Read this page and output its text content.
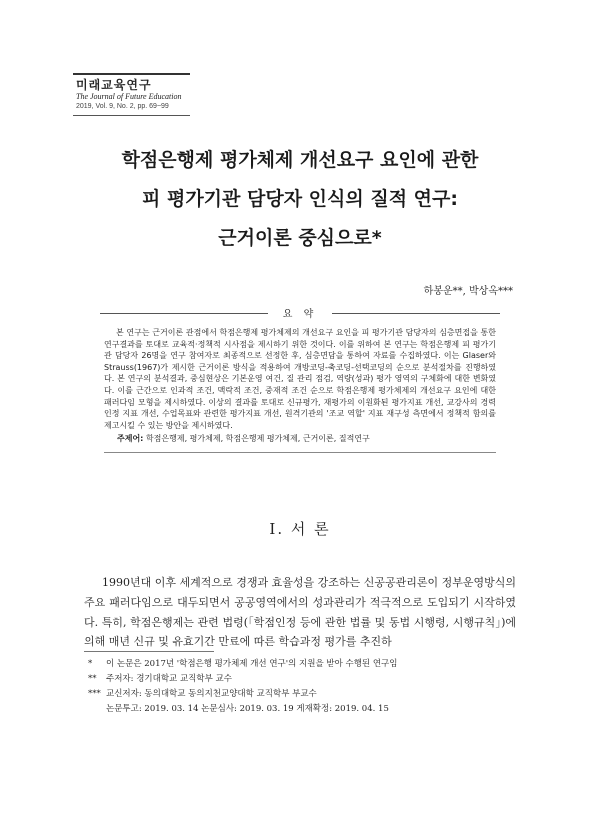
미래교육연구
The Journal of Future Education
2019, Vol. 9, No. 2, pp. 69~99
학점은행제 평가체제 개선요구 요인에 관한
피 평가기관 담당자 인식의 질적 연구:
근거이론 중심으로*
하봉운**, 박상옥***
요 약
본 연구는 근거이론 관점에서 학점은행제 평가체제의 개선요구 요인을 피 평가기관 담당자의 심층면접을 통한 연구결과를 토대로 교육적·정책적 시사점을 제시하기 위한 것이다. 이를 위하여 본 연구는 학점은행제 피 평가기관 담당자 26명을 연구 참여자로 최종적으로 선정한 후, 심층면담을 통하여 자료를 수집하였다. 이는 Glaser와 Strauss(1967)가 제시한 근거이론 방식을 적용하여 개방코딩-축코딩-선택코딩의 순으로 분석절차를 진행하였다. 본 연구의 분석결과, 중심현상은 기본운영 여건, 질 관리 점검, 역량(성과) 평가 영역의 구체화에 대한 변화였다. 이를 근간으로 인과적 조건, 맥락적 조건, 중재적 조건 순으로 학점은행제 평가체제의 개선요구 요인에 대한 패러다임 모형을 제시하였다. 이상의 결과를 토대로 신규평가, 재평가의 이원화된 평가지표 개선, 교강사의 경력 인정 지표 개선, 수업목표와 관련한 평가지표 개선, 원격기관의 '조교 역할' 지표 재구성 측면에서 정책적 함의를 제고시킬 수 있는 방안을 제시하였다.
주제어: 학점은행제, 평가체제, 학점은행제 평가체제, 근거이론, 질적연구
Ⅰ. 서 론
1990년대 이후 세계적으로 경쟁과 효율성을 강조하는 신공공관리론이 정부운영방식의 주요 패러다임으로 대두되면서 공공영역에서의 성과관리가 적극적으로 도입되기 시작하였다. 특히, 학점은행제는 관련 법령(「학점인정 등에 관한 법률 및 동법 시행령, 시행규칙」)에 의해 매년 신규 및 유효기간 만료에 따른 학습과정 평가를 추진하
* 이 논문은 2017년 '학점은행 평가체제 개선 연구'의 지원을 받아 수행된 연구임
** 주저자: 경기대학교 교직학부 교수
*** 교신저자: 동의대학교 동의지천교양대학 교직학부 부교수
논문투고: 2019. 03. 14 논문심사: 2019. 03. 19 게재확정: 2019. 04. 15
